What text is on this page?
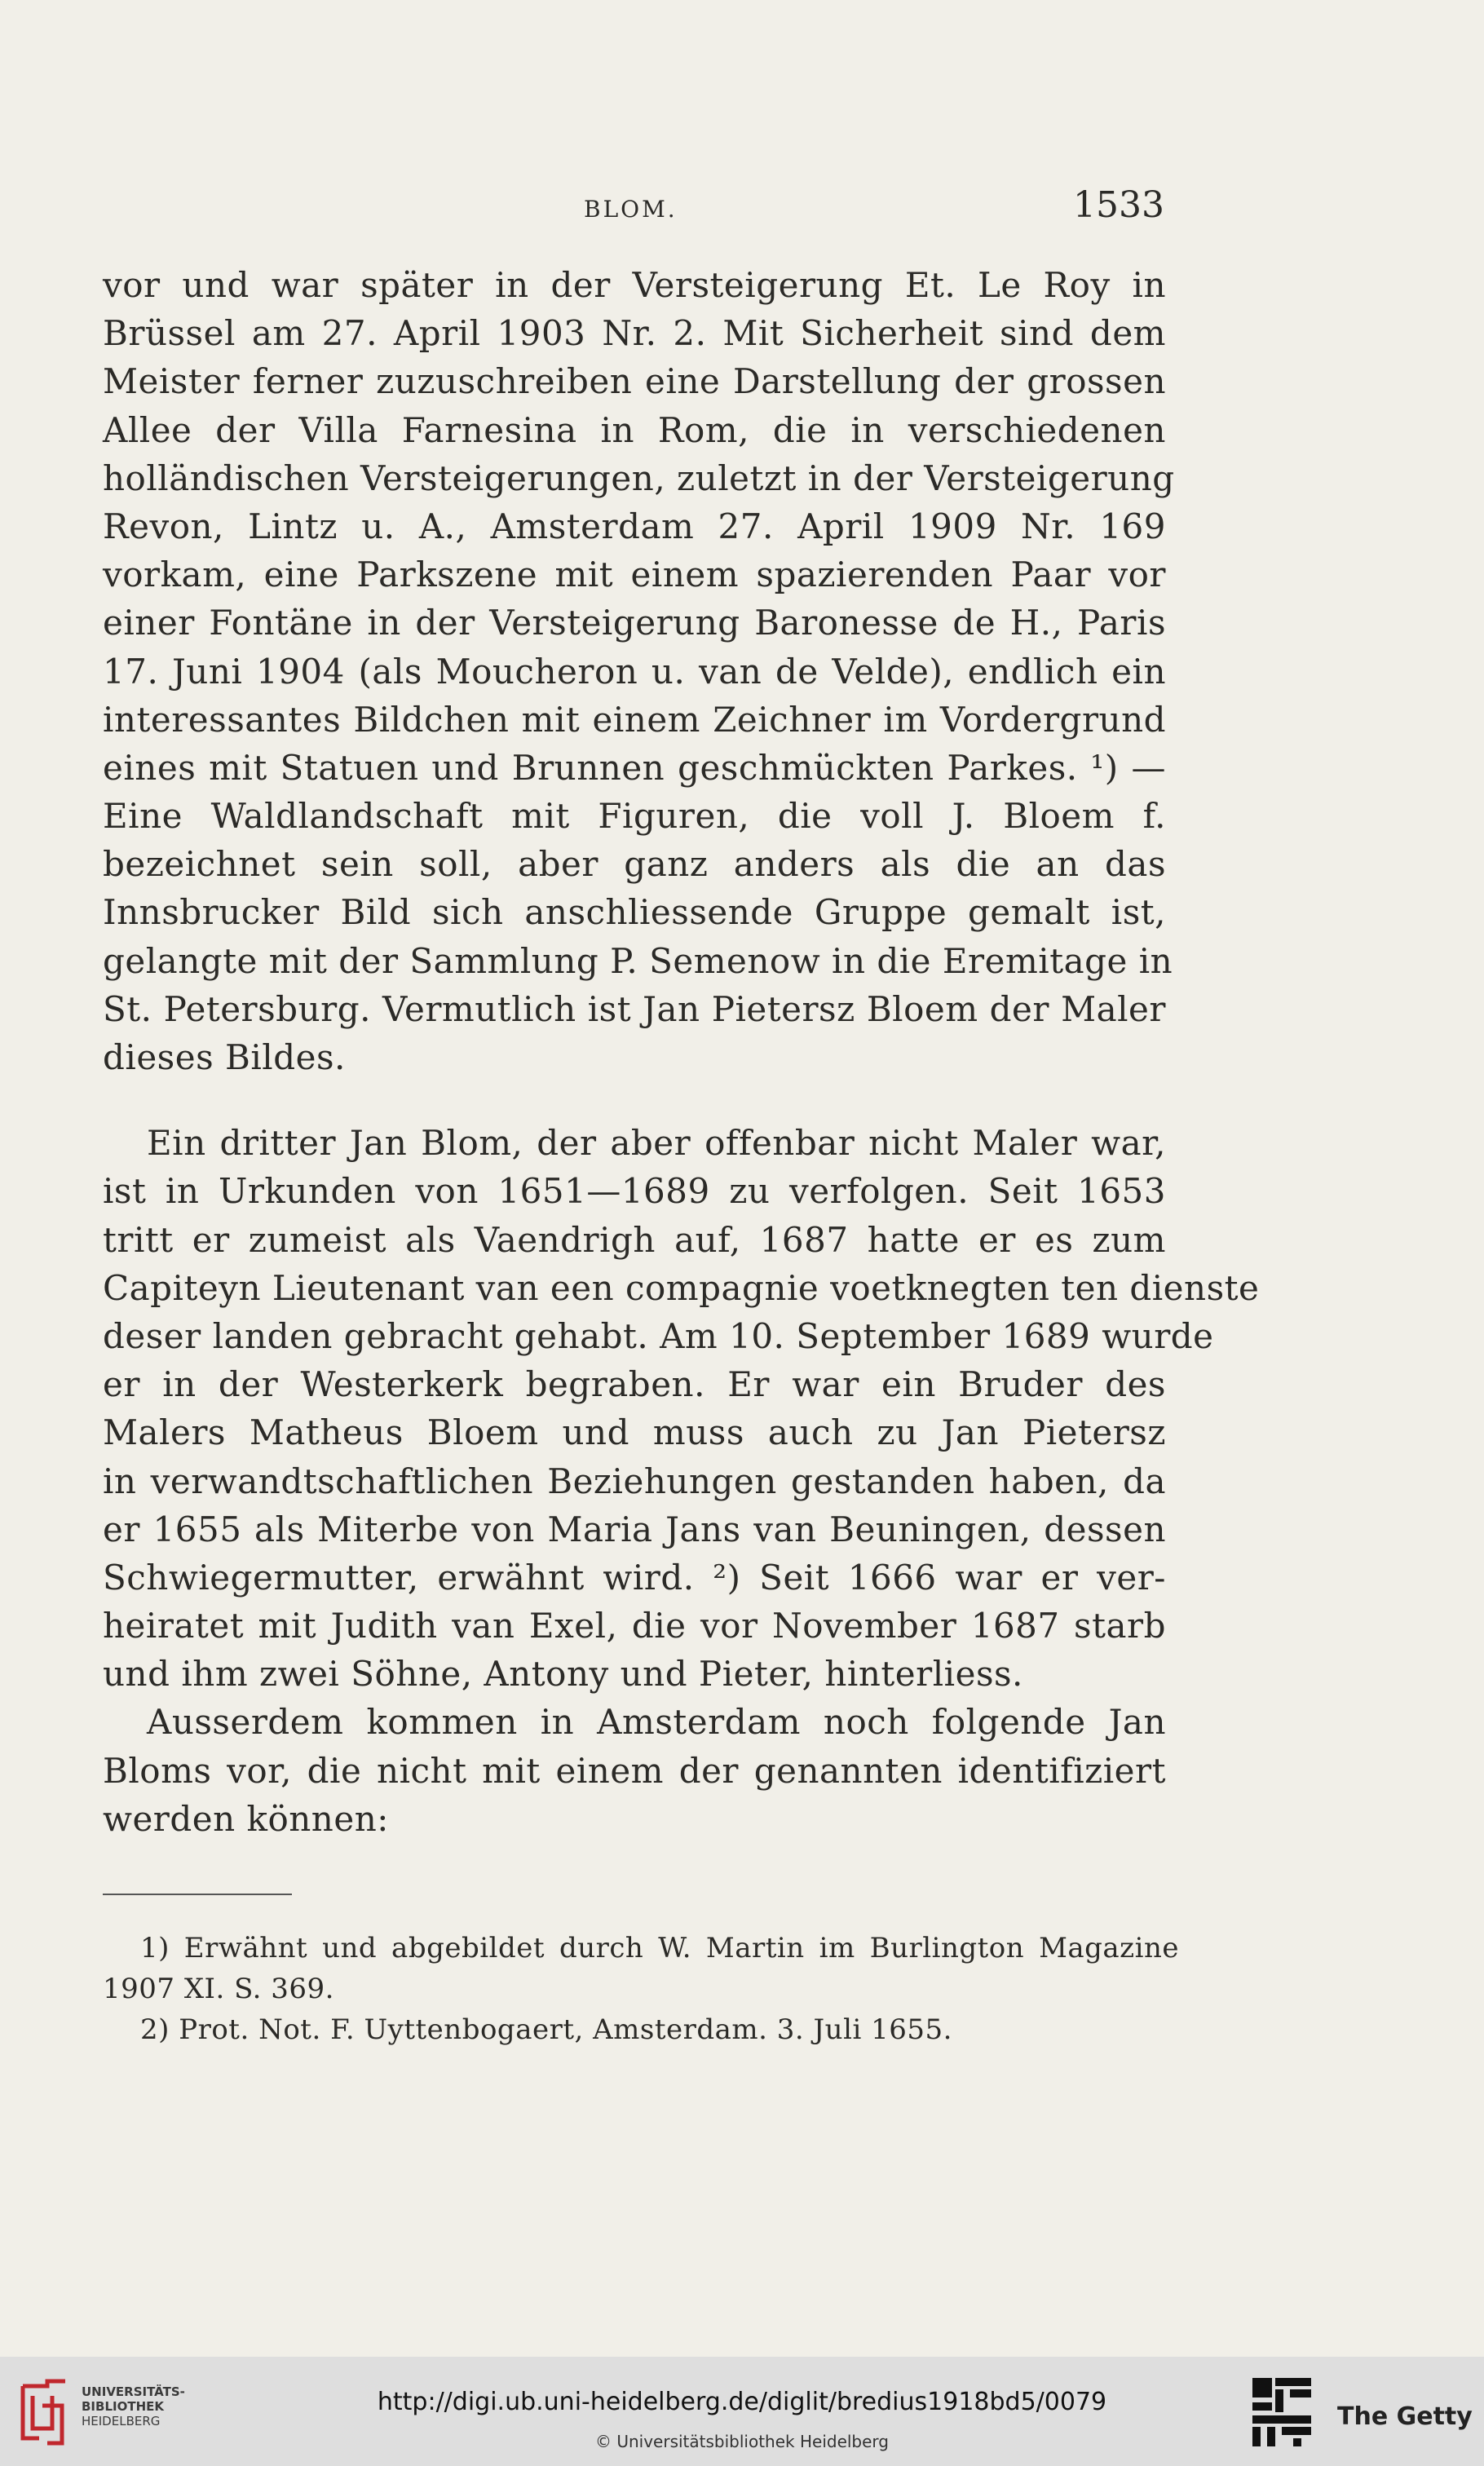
BLOM.	1533
vor und war später in der Versteigerung Et. Le Roy in
Brüssel am 27. April 1903 Nr. 2. Mit Sicherheit sind dem
Meister ferner zuzuschreiben eine Darstellung der grossen
Allee der Villa Farnesina in Rom, die in verschiedenen
holländischen Versteigerungen, zuletzt in der Versteigerung
Revon, Lintz u. A., Amsterdam 27. April 1909 Nr. 169
vorkam, eine Parkszene mit einem spazierenden Paar vor
einer Fontäne in der Versteigerung Baronesse de H., Paris
17. Juni 1904 (als Moucheron u. van de Velde), endlich ein
interessantes Bildchen mit einem Zeichner im Vordergrund
eines mit Statuen und Brunnen geschmückten Parkes. ¹) —
Eine Waldlandschaft mit Figuren, die voll J. Bloem f.
bezeichnet sein soll, aber ganz anders als die an das
Innsbrucker Bild sich anschliessende Gruppe gemalt ist,
gelangte mit der Sammlung P. Semenow in die Eremitage in
St. Petersburg. Vermutlich ist Jan Pietersz Bloem der Maler
dieses Bildes.
Ein dritter Jan Blom, der aber offenbar nicht Maler war,
ist in Urkunden von 1651—1689 zu verfolgen. Seit 1653
tritt er zumeist als Vaendrigh auf, 1687 hatte er es zum
Capiteyn Lieutenant van een compagnie voetknegten ten dienste
deser landen gebracht gehabt. Am 10. September 1689 wurde
er in der Westerkerk begraben. Er war ein Bruder des
Malers Matheus Bloem und muss auch zu Jan Pietersz
in verwandtschaftlichen Beziehungen gestanden haben, da
er 1655 als Miterbe von Maria Jans van Beuningen, dessen
Schwiegermutter, erwähnt wird. ²) Seit 1666 war er ver-
heiratet mit Judith van Exel, die vor November 1687 starb
und ihm zwei Söhne, Antony und Pieter, hinterliess.
Ausserdem kommen in Amsterdam noch folgende Jan
Bloms vor, die nicht mit einem der genannten identifiziert
werden können:
1) Erwähnt und abgebildet durch W. Martin im Burlington Magazine
1907 XI. S. 369.
2) Prot. Not. F. Uyttenbogaert, Amsterdam. 3. Juli 1655.
UNIVERSITÄTS-
BIBLIOTHEK
HEIDELBERG
http://digi.ub.uni-heidelberg.de/diglit/bredius1918bd5/0079
© Universitätsbibliothek Heidelberg
The Getty
